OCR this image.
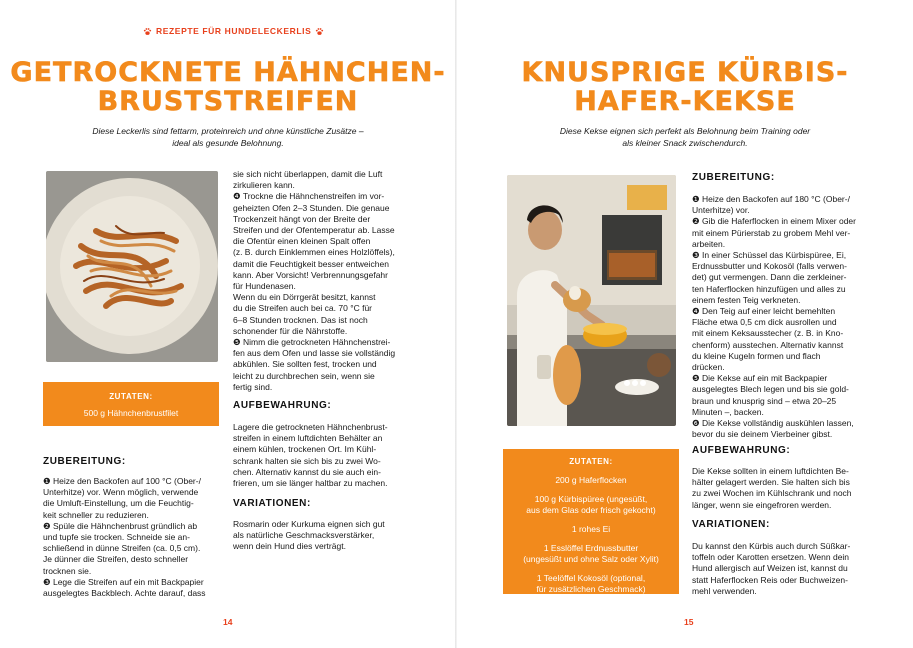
REZEPTE FÜR HUNDELECKERLIS
GETROCKNETE HÄHNCHEN-
BRUSTSTREIFEN
Diese Leckerlis sind fettarm, proteinreich und ohne künstliche Zusätze –
ideal als gesunde Belohnung.
ZUTATEN:
500 g Hähnchenbrustfilet
ZUBEREITUNG:

❶ Heize den Backofen auf 100 °C (Ober-/

Unterhitze) vor. Wenn möglich, verwende

die Umluft-Einstellung, um die Feuchtig-

keit schneller zu reduzieren.

❷ Spüle die Hähnchenbrust gründlich ab

und tupfe sie trocken. Schneide sie an-

schließend in dünne Streifen (ca. 0,5 cm).

Je dünner die Streifen, desto schneller

trocknen sie.

❸ Lege die Streifen auf ein mit Backpapier

ausgelegtes Backblech. Achte darauf, dass

sie sich nicht überlappen, damit die Luft

zirkulieren kann.

❹ Trockne die Hähnchenstreifen im vor-

geheizten Ofen 2–3 Stunden. Die genaue

Trockenzeit hängt von der Breite der

Streifen und der Ofentemperatur ab. Lasse

die Ofentür einen kleinen Spalt offen

(z. B. durch Einklemmen eines Holzlöffels),

damit die Feuchtigkeit besser entweichen

kann. Aber Vorsicht! Verbrennungsgefahr

für Hundenasen.

Wenn du ein Dörrgerät besitzt, kannst

du die Streifen auch bei ca. 70 °C für

6–8 Stunden trocknen. Das ist noch

schonender für die Nährstoffe.

❺ Nimm die getrockneten Hähnchenstrei-

fen aus dem Ofen und lasse sie vollständig

abkühlen. Sie sollten fest, trocken und

leicht zu durchbrechen sein, wenn sie

fertig sind.

AUFBEWAHRUNG:

Lagere die getrockneten Hähnchenbrust-

streifen in einem luftdichten Behälter an

einem kühlen, trockenen Ort. Im Kühl-

schrank halten sie sich bis zu zwei Wo-

chen. Alternativ kannst du sie auch ein-

frieren, um sie länger haltbar zu machen.

VARIATIONEN:

Rosmarin oder Kurkuma eignen sich gut

als natürliche Geschmacksverstärker,

wenn dein Hund dies verträgt.

14
KNUSPRIGE KÜRBIS-
HAFER-KEKSE
Diese Kekse eignen sich perfekt als Belohnung beim Training oder
als kleiner Snack zwischendurch.
ZUTATEN:
200 g Haferflocken
100 g Kürbispüree (ungesüßt,
aus dem Glas oder frisch gekocht)
1 rohes Ei
1 Esslöffel Erdnussbutter
(ungesüßt und ohne Salz oder Xylit)
1 Teelöffel Kokosöl (optional,
für zusätzlichen Geschmack)
ZUBEREITUNG:

❶ Heize den Backofen auf 180 °C (Ober-/

Unterhitze) vor.

❷ Gib die Haferflocken in einem Mixer oder

mit einem Pürierstab zu grobem Mehl ver-

arbeiten.

❸ In einer Schüssel das Kürbispüree, Ei,

Erdnussbutter und Kokosöl (falls verwen-

det) gut vermengen. Dann die zerkleiner-

ten Haferflocken hinzufügen und alles zu

einem festen Teig verkneten.

❹ Den Teig auf einer leicht bemehlten

Fläche etwa 0,5 cm dick ausrollen und

mit einem Keksausstecher (z. B. in Kno-

chenform) ausstechen. Alternativ kannst

du kleine Kugeln formen und flach

drücken.

❺ Die Kekse auf ein mit Backpapier

ausgelegtes Blech legen und bis sie gold-

braun und knusprig sind – etwa 20–25

Minuten –, backen.

❻ Die Kekse vollständig auskühlen lassen,

bevor du sie deinem Vierbeiner gibst.

AUFBEWAHRUNG:

Die Kekse sollten in einem luftdichten Be-

hälter gelagert werden. Sie halten sich bis

zu zwei Wochen im Kühlschrank und noch

länger, wenn sie eingefroren werden.

VARIATIONEN:

Du kannst den Kürbis auch durch Süßkar-

toffeln oder Karotten ersetzen. Wenn dein

Hund allergisch auf Weizen ist, kannst du

statt Haferflocken Reis oder Buchweizen-

mehl verwenden.

15
